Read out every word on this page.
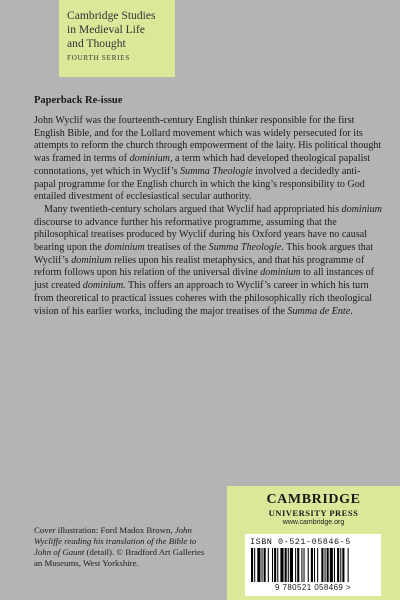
Cambridge Studies
in Medieval Life
and Thought
FOURTH SERIES
Paperback Re-issue

John Wyclif was the fourteenth-century English thinker responsible for the first English Bible, and for the Lollard movement which was widely persecuted for its attempts to reform the church through empowerment of the laity. His political thought was framed in terms of dominium, a term which had developed theological papalist connotations, yet which in Wyclif’s Summa Theologie involved a decidedly anti-papal programme for the English church in which the king’s responsibility to God entailed divestment of ecclesiastical secular authority.

Many twentieth-century scholars argued that Wyclif had appropriated his dominium discourse to advance further his reformative programme, assuming that the philosophical treatises produced by Wyclif during his Oxford years have no causal bearing upon the dominium treatises of the Summa Theologie. This book argues that Wyclif’s dominium relies upon his realist metaphysics, and that his programme of reform follows upon his relation of the universal divine dominium to all instances of just created dominium. This offers an approach to Wyclif’s career in which his turn from theoretical to practical issues coheres with the philosophically rich theological vision of his earlier works, including the major treatises of the Summa de Ente.

Cover illustration: Ford Madox Brown, John Wycliffe reading his translation of the Bible to John of Gaunt (detail). © Bradford Art Galleries an Museums, West Yorkshire.
CAMBRIDGE
UNIVERSITY PRESS
www.cambridge.org
ISBN 0-521-05846-5
9 780521 058469 >
